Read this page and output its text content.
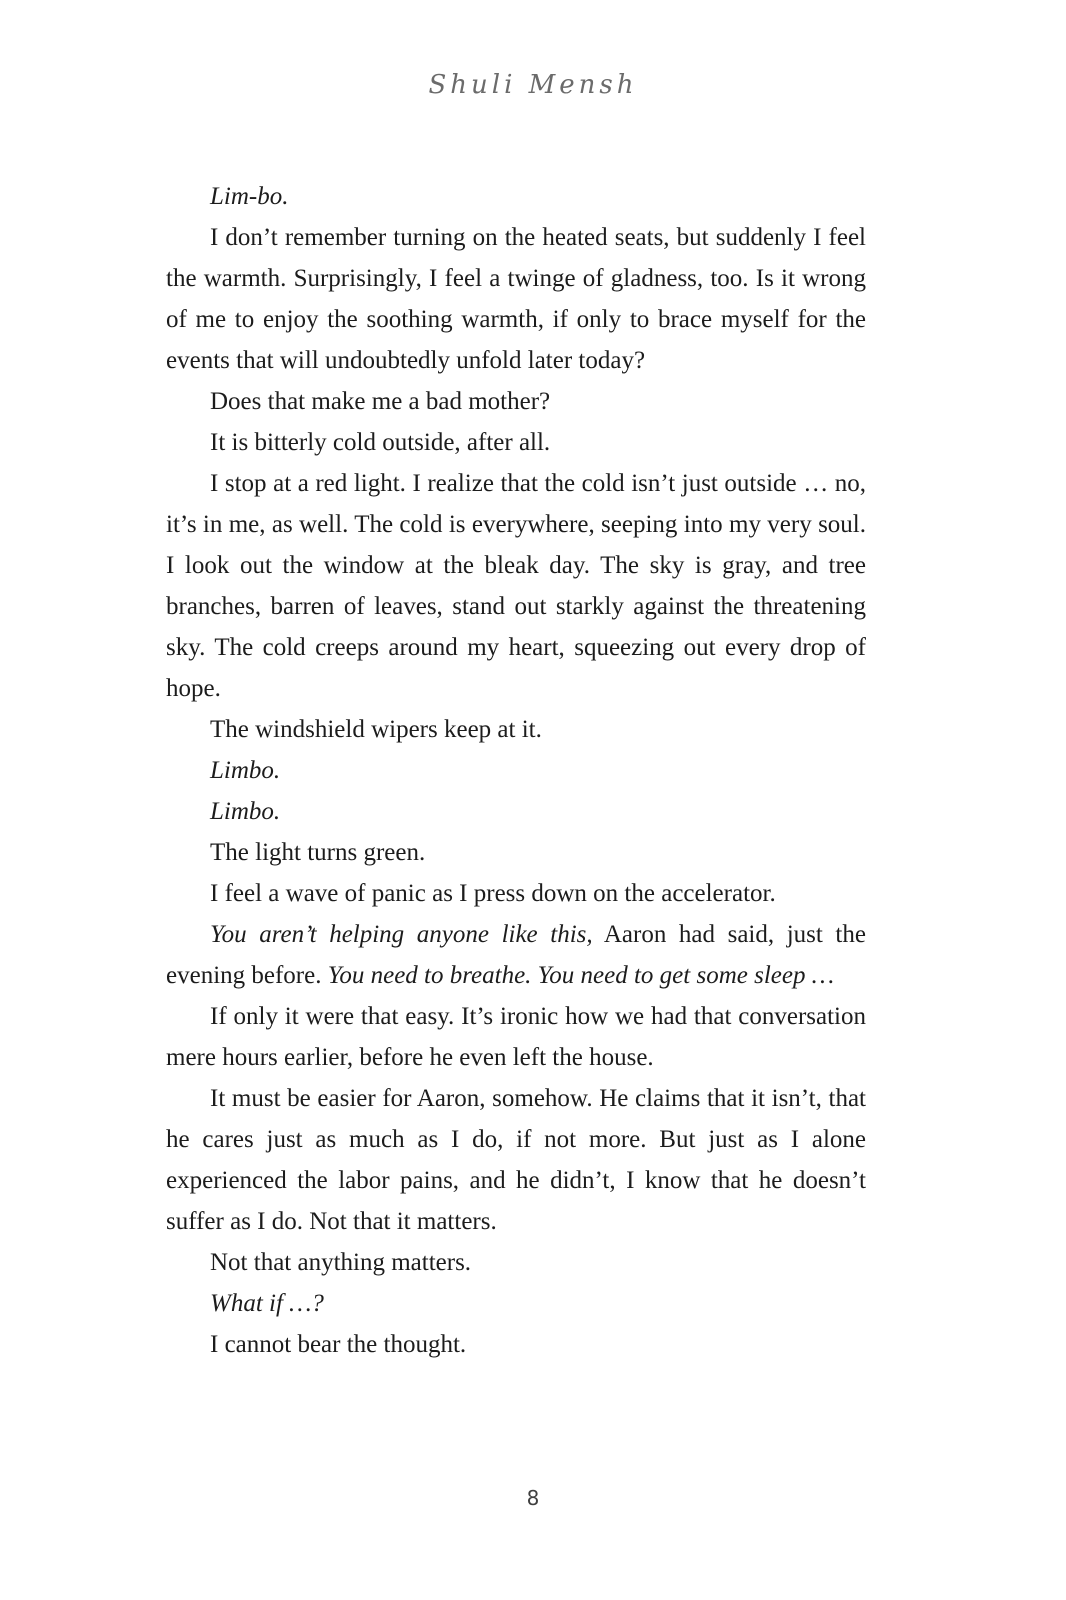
Shuli Mensh

Lim-bo.

I don’t remember turning on the heated seats, but suddenly I feel the warmth. Surprisingly, I feel a twinge of gladness, too. Is it wrong of me to enjoy the soothing warmth, if only to brace myself for the events that will undoubtedly unfold later today?

Does that make me a bad mother?

It is bitterly cold outside, after all.

I stop at a red light. I realize that the cold isn’t just outside … no, it’s in me, as well. The cold is everywhere, seeping into my very soul. I look out the window at the bleak day. The sky is gray, and tree branches, barren of leaves, stand out starkly against the threatening sky. The cold creeps around my heart, squeezing out every drop of hope.

The windshield wipers keep at it.

Limbo.

Limbo.

The light turns green.

I feel a wave of panic as I press down on the accelerator.

You aren’t helping anyone like this, Aaron had said, just the evening before. You need to breathe. You need to get some sleep …

If only it were that easy. It’s ironic how we had that conversation mere hours earlier, before he even left the house.

It must be easier for Aaron, somehow. He claims that it isn’t, that he cares just as much as I do, if not more. But just as I alone experienced the labor pains, and he didn’t, I know that he doesn’t suffer as I do. Not that it matters.

Not that anything matters.

What if …?

I cannot bear the thought.

8
